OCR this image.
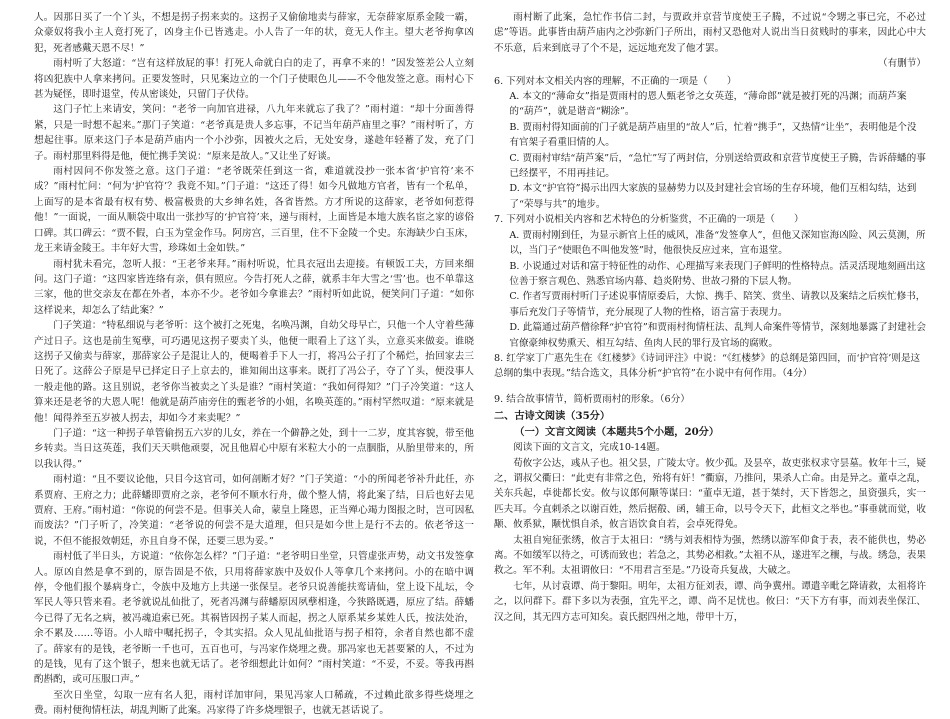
人。因那日买了一个丫头，不想是拐子拐来卖的。这拐子又偷偷地卖与薛家，无奈薛家原系金陵一霸，众豪奴将我小主人竟打死了，凶身主仆已皆逃走。小人告了一年的状，竟无人作主。望大老爷拘拿凶犯，死者感戴天恩不尽！”

雨村听了大怒道：“岂有这样放屁的事！打死人命就白白的走了，再拿不来的！”因发签差公人立刻将凶犯族中人拿来拷问。正要发签时，只见案边立的一个门子使眼色儿——不令他发签之意。雨村心下甚为疑怪，即时退堂，传从密谈处，只留门子伏侍。

这门子忙上来请安，笑问：“老爷一向加官进禄，八九年来就忘了我了？”雨村道：“却十分面善得紧，只是一时想不起来。”那门子笑道：“老爷真是贵人多忘事，不记当年葫芦庙里之事？”雨村听了，方想起往事。原来这门子本是葫芦庙内一个小沙弥，因被火之后，无处安身，遂趁年轻蓄了发，充了门子。雨村那里料得是他，便忙携手笑说：“原来是故人。”又让坐了好谈。

雨村因问不你发签之意。这门子道：“老爷既荣任到这一省，难道就没抄一张本省‘护官符’来不成？”雨村忙问：“何为‘护官符’？我竟不知。”门子道：“这还了得！如今凡做地方官者，皆有一个私单，上面写的是本省最有权有势、极富极贵的大乡绅名姓，各省皆然。方才所说的这薛家，老爷如何惹得他！”一面说，一面从顺袋中取出一张抄写的‘护官符’来，递与雨村，上面皆是本地大族名宦之家的谚俗口碑。其口碑云：“贾不假，白玉为堂金作马。阿房宫，三百里，住不下金陵一个史。东海缺少白玉床，龙王来请金陵王。丰年好大雪，珍珠如土金如铁。”

雨村犹未看完，忽听人报：“王老爷来拜。”雨村听说，忙具衣冠出去迎接。有顿饭工夫，方回来细问。这门子道：“这四家皆连络有亲，俱有照应。今告打死人之薛，就系丰年大雪之‘雪’也。也不单靠这三家，他的世交亲友在都在外者，本亦不少。老爷如今拿谁去？”雨村听如此说，便笑问门子道：“如你这样说来，却怎么了结此案？”

门子笑道：“特私细说与老爷听：这个被打之死鬼，名唤冯渊，自幼父母早亡，只他一个人守着些薄产过日子。这也是前生冤孽，可巧遇见这拐子要卖丫头，他便一眼看上了这丫头，立意买来做妾。谁晓这拐子又偷卖与薛家，那薛家公子是混让人的，便喝着手下人一打，将冯公子打了个稀烂，抬回家去三日死了。这薛公子原是早已择定日子上京去的，谁知闹出这事来。既打了冯公子，夺了丫头，便没事人一般走他的路。这且别说，老爷你当被卖之丫头是谁？”雨村笑道：“我如何得知？”门子冷笑道：“这人算来还是老爷的大恩人呢！他就是葫芦庙旁住的甄老爷的小姐，名唤英莲的。”雨村罕然叹道：“原来就是他！闻得养至五岁被人拐去，却如今才来卖呢？”

门子道：“这一种拐子单管偷拐五六岁的儿女，养在一个僻静之处，到十一二岁，度其容貌，带至他乡转卖。当日这英莲，我们天天哄他顽耍，况且他眉心中原有米粒大小的一点胭脂，从胎里带来的，所以我认得。”

雨村道：“且不要议论他，只目今这官司，如何剖断才好？”门子笑道：“小的所闻老爷补升此任，亦系贾府、王府之力；此薛蟠即贾府之亲，老爷何不顺水行舟，做个整人情，将此案了结，日后也好去见贾府、王府。”雨村道：“你说的何尝不是。但事关人命，蒙皇上隆恩，正当殚心竭力图报之时，岂可因私而废法？”门子听了，冷笑道：“老爷说的何尝不是大道理，但只是如今世上是行不去的。依老爷这一说，不但不能报效朝廷，亦且自身不保，还要三思为妥。”

雨村低了半日头，方说道：“依你怎么样？”门子道：“老爷明日坐堂，只管虚张声势，动文书发签拿人。原凶自然是拿不到的，原告固是不依，只用将薛家族中及奴仆人等拿几个来拷问。小的在暗中调停，令他们报个暴病身亡，令族中及地方上共递一张保呈。老爷只说善能扶鸾请仙，堂上设下乩坛，令军民人等只管来看。老爷就说乩仙批了，死者冯渊与薛蟠原因夙孽相逢，今狭路既遇，原应了结。薛蟠今已得了无名之病，被冯魂追索已死。其祸皆因拐子某人而起，拐之人原系某乡某姓人氏，按法处治，余不累及……等语。小人暗中嘱托拐子，令其实招。众人见乩仙批语与拐子相符，余者自然也都不虚了。薛家有的是钱，老爷断一千也可，五百也可，与冯家作烧埋之费。那冯家也无甚要紧的人，不过为的是钱，见有了这个银子，想来也就无话了。老爷细想此计如何？”雨村笑道：“不妥，不妥。等我再斟酌斟酌，或可压服口声。”

至次日坐堂，勾取一应有名人犯，雨村详加审问，果见冯家人口稀疏，不过赖此欲多得些烧埋之费。雨村便徇情枉法，胡乱判断了此案。冯家得了许多烧埋银子，也就无甚话说了。

雨村断了此案，急忙作书信二封，与贾政并京营节度使王子腾，不过说“令甥之事已完，不必过虑”等语。此事皆由葫芦庙内之沙弥新门子所出，雨村又恐他对人说出当日贫贱时的事来，因此心中大不乐意，后来到底寻了个不是，远远地充发了他才罢。

（有删节）

6. 下列对本文相关内容的理解，不正确的一项是（　　）

A. 本文的“薄命女”指是贾雨村的恩人甄老爷之女英莲，“薄命郎”就是被打死的冯渊；而葫芦案的“葫芦”，就是谐音“糊涂”。

B. 贾雨村得知面前的门子就是葫芦庙里的“故人”后，忙着“携手”，又热情“让坐”，表明他是个没有官架子看重旧情的人。

C. 贾雨村审结“葫芦案”后，“急忙”写了两封信，分别送给贾政和京营节度使王子腾，告诉薛蟠的事已经摆平，不用再挂记。

D. 本文“护官符”揭示出四大家族的显赫势力以及封建社会官场的生存环境，他们互相勾结，达到了“荣辱与共”的地步。

7. 下列对小说相关内容和艺术特色的分析鉴赏，不正确的一项是（　　）

A. 贾雨村刚到任，为显示新官上任的威风，准备“发签拿人”，但他又深知宦海凶险、风云莫测，所以，当门子“使眼色不叫他发签”时，他很快反应过来，宣布退堂。

B. 小说通过对话和富于特征性的动作、心理描写来表现门子鲜明的性格特点。活灵活现地刻画出这位善于察言观色、熟悉官场内幕、趋炎附势、世故刁猾的下层人物。

C. 作者写贾雨村听门子述说事情原委后，大惊、携手、陪笑、赏坐、请教以及案结之后疾忙修书，事后充发门子等情节，充分展现了人物的性格，语言富于表现力。

D. 此篇通过葫芦僧徐释“护官符”和贾雨村徇情枉法、乱判人命案件等情节，深刻地暴露了封建社会官僚豪绅权势熏天、相互勾结、鱼肉人民的罪行及官场的腐败。

8. 红学家丁广惠先生在《红楼梦》《诗词评注》中说：“《红楼梦》的总纲是第四回，而‘护官符’则是这总纲的集中表现。”结合选文，具体分析“护官符”在小说中有何作用。（4分）

9. 结合故事情节，简析贾雨村的形象。（6分）

二、古诗文阅读（35分）

（一）文言文阅读（本题共5个小题，20分）

阅读下面的文言文，完成10-14题。

荀攸字公达，彧从子也。祖父昙，广陵太守。攸少孤。及昙卒，故吏张权求守昙墓。攸年十三，疑之，谓叔父衢曰：“此吏有非常之色，殆将有奸！”衢寤，乃推问，果杀人亡命。由是异之。董卓之乱，关东兵起，卓徙都长安。攸与议郎何颙等谋曰：“董卓无道，甚于桀纣，天下皆怨之，虽资强兵，实一匹夫耳。今直刺杀之以谢百姓，然后据殽、函，辅王命，以号令天下，此桓文之举也。”事垂就而觉，收颙、攸系狱，颙忧惧自杀，攸言语饮食自若，会卓死得免。

太祖自宛征张绣，攸言于太祖曰：“绣与刘表相恃为强，然绣以游军仰食于表，表不能供也，势必离。不如缓军以待之，可诱而致也；若急之，其势必相救。”太祖不从，遂进军之穰，与战。绣急，表果救之。军不利。太祖谓攸曰：“不用君言至是。”乃设奇兵复战，大破之。

七年，从讨袁谭、尚于黎阳。明年，太祖方征刘表，谭、尚争冀州。谭遣辛毗乞降请救，太祖将许之，以问群下。群下多以为表强，宜先平之，谭、尚不足忧也。攸曰：“天下方有事，而刘表坐保江、汉之间，其无四方志可知矣。袁氏据四州之地，带甲十万，
